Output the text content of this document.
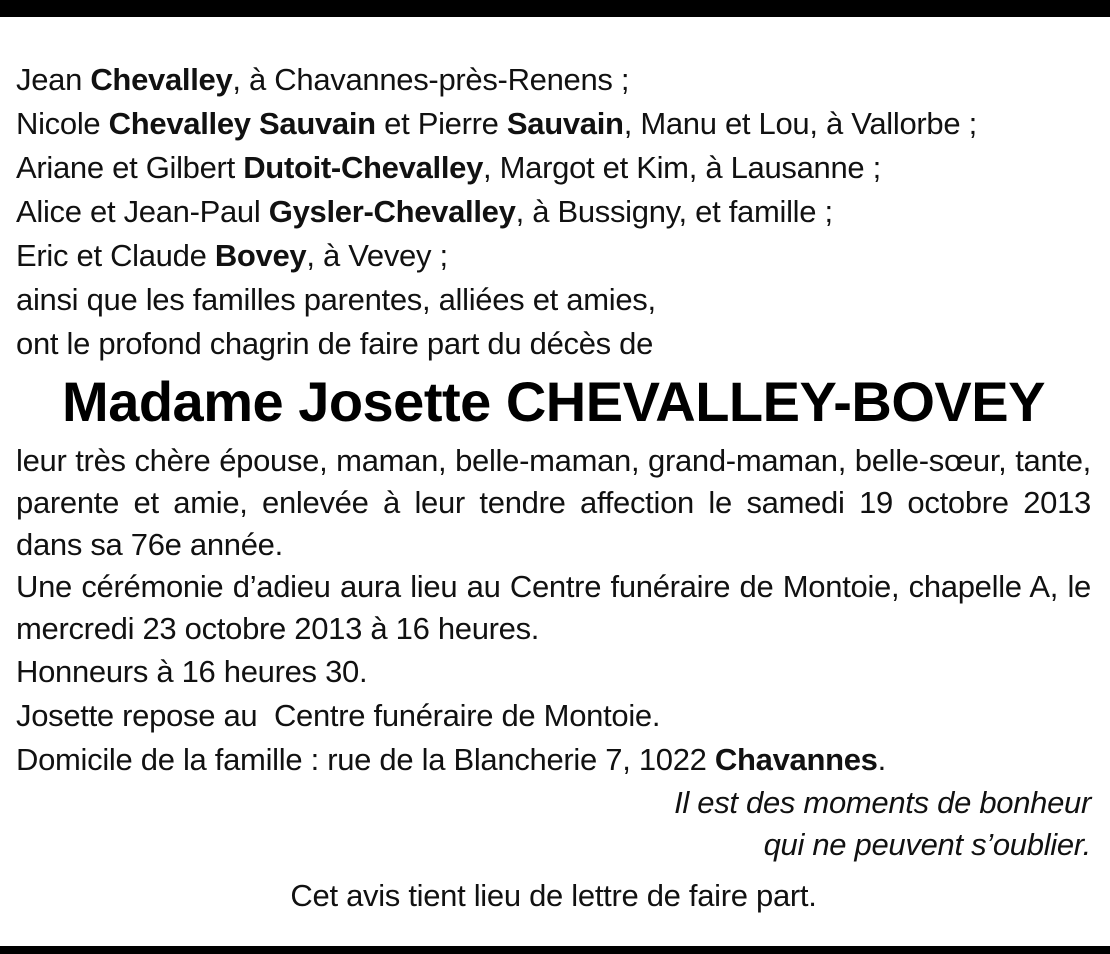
Jean Chevalley, à Chavannes-près-Renens ;
Nicole Chevalley Sauvain et Pierre Sauvain, Manu et Lou, à Vallorbe ;
Ariane et Gilbert Dutoit-Chevalley, Margot et Kim, à Lausanne ;
Alice et Jean-Paul Gysler-Chevalley, à Bussigny, et famille ;
Eric et Claude Bovey, à Vevey ;
ainsi que les familles parentes, alliées et amies,
ont le profond chagrin de faire part du décès de
Madame Josette CHEVALLEY-BOVEY
leur très chère épouse, maman, belle-maman, grand-maman, belle-sœur, tante, parente et amie, enlevée à leur tendre affection le samedi 19 octobre 2013 dans sa 76e année.
Une cérémonie d’adieu aura lieu au Centre funéraire de Montoie, chapelle A, le mercredi 23 octobre 2013 à 16 heures.
Honneurs à 16 heures 30.
Josette repose au  Centre funéraire de Montoie.
Domicile de la famille : rue de la Blancherie 7, 1022 Chavannes.
Il est des moments de bonheur
qui ne peuvent s’oublier.
Cet avis tient lieu de lettre de faire part.
